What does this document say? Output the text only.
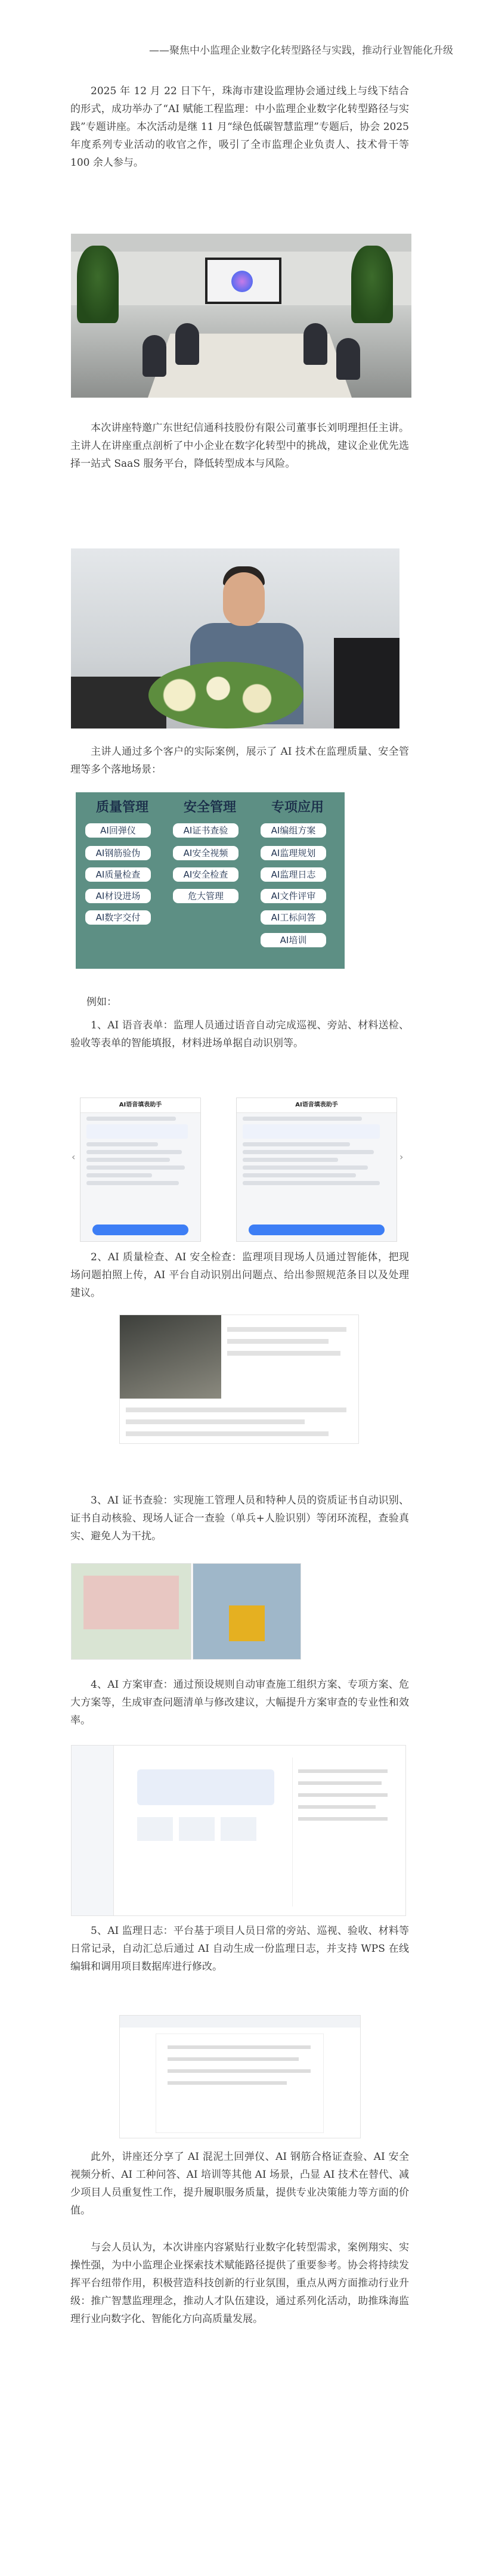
——聚焦中小监理企业数字化转型路径与实践，推动行业智能化升级

2025 年 12 月 22 日下午，珠海市建设监理协会通过线上与线下结合的形式，成功举办了“AI 赋能工程监理：中小监理企业数字化转型路径与实践”专题讲座。本次活动是继 11 月“绿色低碳智慧监理”专题后，协会 2025 年度系列专业活动的收官之作，吸引了全市监理企业负责人、技术骨干等 100 余人参与。

本次讲座特邀广东世纪信通科技股份有限公司董事长刘明理担任主讲。主讲人在讲座重点剖析了中小企业在数字化转型中的挑战，建议企业优先选择一站式 SaaS 服务平台，降低转型成本与风险。

主讲人通过多个客户的实际案例，展示了 AI 技术在监理质量、安全管理等多个落地场景：

质量管理
AI回弹仪
AI钢筋验伪
AI质量检查
AI材设进场
AI数字交付
安全管理
AI证书查验
AI安全视频
AI安全检查
危大管理
专项应用
AI编组方案
AI监理规划
AI监理日志
AI文件评审
AI工标问答
AI培训
例如：

1、AI 语音表单：监理人员通过语音自动完成巡视、旁站、材料送检、验收等表单的智能填报，材料进场单据自动识别等。

‹
AI语音填表助手	AI语音填表助手
›

2、AI 质量检查、AI 安全检查：监理项目现场人员通过智能体，把现场问题拍照上传，AI 平台自动识别出问题点、给出参照规范条目以及处理建议。

3、AI 证书查验：实现施工管理人员和特种人员的资质证书自动识别、证书自动核验、现场人证合一查验（单兵+人脸识别）等闭环流程，查验真实、避免人为干扰。

4、AI 方案审查：通过预设规则自动审查施工组织方案、专项方案、危大方案等，生成审查问题清单与修改建议，大幅提升方案审查的专业性和效率。

5、AI 监理日志：平台基于项目人员日常的旁站、巡视、验收、材料等日常记录，自动汇总后通过 AI 自动生成一份监理日志，并支持 WPS 在线编辑和调用项目数据库进行修改。

此外，讲座还分享了 AI 混泥土回弹仪、AI 钢筋合格证查验、AI 安全视频分析、AI 工种问答、AI 培训等其他 AI 场景，凸显 AI 技术在替代、减少项目人员重复性工作，提升履职服务质量，提供专业决策能力等方面的价值。

与会人员认为，本次讲座内容紧贴行业数字化转型需求，案例翔实、实操性强，为中小监理企业探索技术赋能路径提供了重要参考。协会将持续发挥平台纽带作用，积极营造科技创新的行业氛围，重点从两方面推动行业升级：推广智慧监理理念，推动人才队伍建设，通过系列化活动，助推珠海监理行业向数字化、智能化方向高质量发展。
